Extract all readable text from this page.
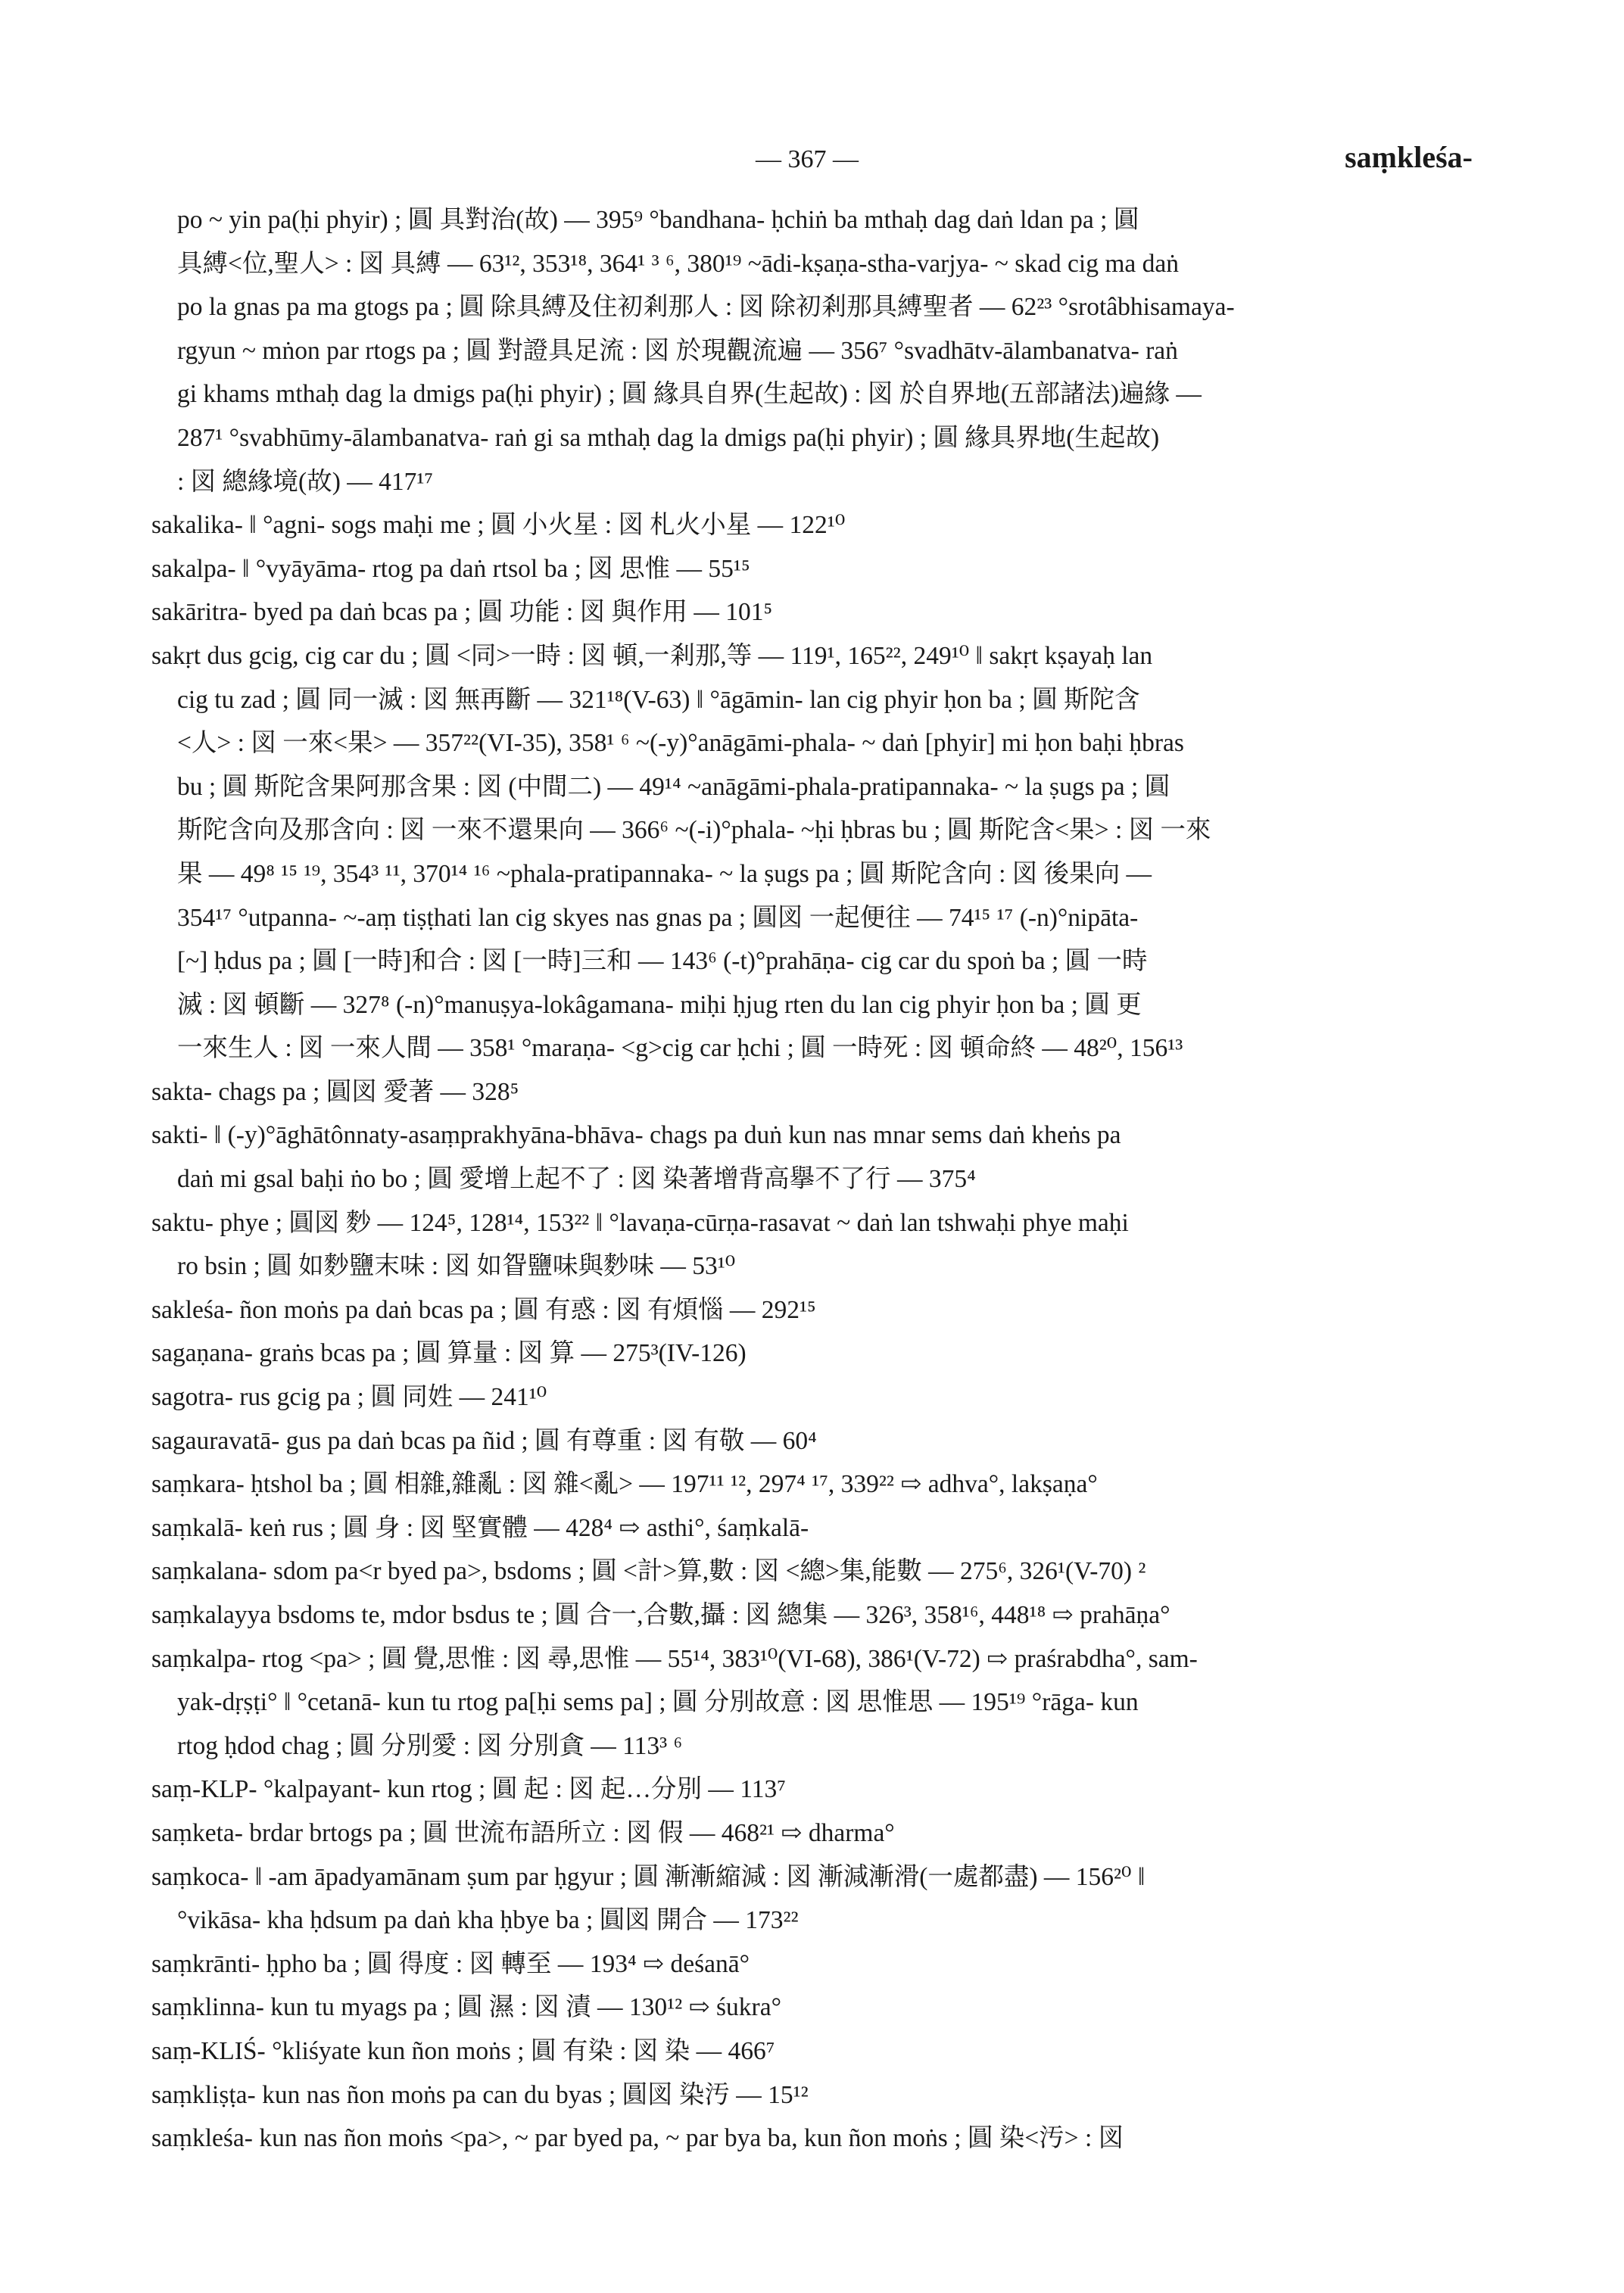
— 367 —	saṃkleśa-
po ~ yin pa(ḥi phyir) ; 圓 具對治(故) — 395⁹ °bandhana- ḥchiṅ ba mthaḥ dag daṅ ldan pa ; 圓
具縛<位,聖人> : 図 具縛 — 63¹², 353¹⁸, 364¹ ³ ⁶, 380¹⁹ ~ādi-kṣaṇa-stha-varjya- ~ skad cig ma daṅ
po la gnas pa ma gtogs pa ; 圓 除具縛及住初剎那人 : 図 除初剎那具縛聖者 — 62²³ °srotâbhisamaya-
rgyun ~ mṅon par rtogs pa ; 圓 對證具足流 : 図 於現觀流遍 — 356⁷ °svadhātv-ālambanatva- raṅ
gi khams mthaḥ dag la dmigs pa(ḥi phyir) ; 圓 緣具自界(生起故) : 図 於自界地(五部諸法)遍緣 —
287¹ °svabhūmy-ālambanatva- raṅ gi sa mthaḥ dag la dmigs pa(ḥi phyir) ; 圓 緣具界地(生起故)
: 図 總緣境(故) — 417¹⁷
sakalika- ‖ °agni- sogs maḥi me ; 圓 小火星 : 図 札火小星 — 122¹⁰
sakalpa- ‖ °vyāyāma- rtog pa daṅ rtsol ba ; 図 思惟 — 55¹⁵
sakāritra- byed pa daṅ bcas pa ; 圓 功能 : 図 與作用 — 101⁵
sakṛt dus gcig, cig car du ; 圓 <同>一時 : 図 頓,一剎那,等 — 119¹, 165²², 249¹⁰ ‖ sakṛt kṣayaḥ lan
cig tu zad ; 圓 同一滅 : 図 無再斷 — 321¹⁸(V-63) ‖ °āgāmin- lan cig phyir ḥon ba ; 圓 斯陀含
<人> : 図 一來<果> — 357²²(VI-35), 358¹ ⁶ ~(-y)°anāgāmi-phala- ~ daṅ [phyir] mi ḥon baḥi ḥbras
bu ; 圓 斯陀含果阿那含果 : 図 (中間二) — 49¹⁴ ~anāgāmi-phala-pratipannaka- ~ la ṣugs pa ; 圓
斯陀含向及那含向 : 図 一來不還果向 — 366⁶ ~(-i)°phala- ~ḥi ḥbras bu ; 圓 斯陀含<果> : 図 一來
果 — 49⁸ ¹⁵ ¹⁹, 354³ ¹¹, 370¹⁴ ¹⁶ ~phala-pratipannaka- ~ la ṣugs pa ; 圓 斯陀含向 : 図 後果向 —
354¹⁷ °utpanna- ~-aṃ tiṣṭhati lan cig skyes nas gnas pa ; 圓図 一起便往 — 74¹⁵ ¹⁷ (-n)°nipāta-
[~] ḥdus pa ; 圓 [一時]和合 : 図 [一時]三和 — 143⁶ (-t)°prahāṇa- cig car du spoṅ ba ; 圓 一時
滅 : 図 頓斷 — 327⁸ (-n)°manuṣya-lokâgamana- miḥi ḥjug rten du lan cig phyir ḥon ba ; 圓 更
一來生人 : 図 一來人間 — 358¹ °maraṇa- <g>cig car ḥchi ; 圓 一時死 : 図 頓命終 — 48²⁰, 156¹³
sakta- chags pa ; 圓図 愛著 — 328⁵
sakti- ‖ (-y)°āghātônnaty-asaṃprakhyāna-bhāva- chags pa duṅ kun nas mnar sems daṅ kheṅs pa
daṅ mi gsal baḥi ṅo bo ; 圓 愛增上起不了 : 図 染著增背高擧不了行 — 375⁴
saktu- phye ; 圓図 麨 — 124⁵, 128¹⁴, 153²² ‖ °lavaṇa-cūrṇa-rasavat ~ daṅ lan tshwaḥi phye maḥi
ro bsin ; 圓 如麨鹽末味 : 図 如眢鹽味與麨味 — 53¹⁰
sakleśa- ñon moṅs pa daṅ bcas pa ; 圓 有惑 : 図 有煩惱 — 292¹⁵
sagaṇana- graṅs bcas pa ; 圓 算量 : 図 算 — 275³(IV-126)
sagotra- rus gcig pa ; 圓 同姓 — 241¹⁰
sagauravatā- gus pa daṅ bcas pa ñid ; 圓 有尊重 : 図 有敬 — 60⁴
saṃkara- ḥtshol ba ; 圓 相雜,雜亂 : 図 雜<亂> — 197¹¹ ¹², 297⁴ ¹⁷, 339²² ⇨ adhva°, lakṣaṇa°
saṃkalā- keṅ rus ; 圓 身 : 図 堅實體 — 428⁴ ⇨ asthi°, śaṃkalā-
saṃkalana- sdom pa<r byed pa>, bsdoms ; 圓 <計>算,數 : 図 <總>集,能數 — 275⁶, 326¹(V-70) ²
saṃkalayya bsdoms te, mdor bsdus te ; 圓 合一,合數,攝 : 図 總集 — 326³, 358¹⁶, 448¹⁸ ⇨ prahāṇa°
saṃkalpa- rtog <pa> ; 圓 覺,思惟 : 図 尋,思惟 — 55¹⁴, 383¹⁰(VI-68), 386¹(V-72) ⇨ praśrabdha°, sam-
yak-dṛṣṭi° ‖ °cetanā- kun tu rtog pa[ḥi sems pa] ; 圓 分別故意 : 図 思惟思 — 195¹⁹ °rāga- kun
rtog ḥdod chag ; 圓 分別愛 : 図 分別貪 — 113³ ⁶
saṃ-KLP- °kalpayant- kun rtog ; 圓 起 : 図 起…分別 — 113⁷
saṃketa- brdar brtogs pa ; 圓 世流布語所立 : 図 假 — 468²¹ ⇨ dharma°
saṃkoca- ‖ -am āpadyamānam ṣum par ḥgyur ; 圓 漸漸縮減 : 図 漸減漸滑(一處都盡) — 156²⁰ ‖
°vikāsa- kha ḥdsum pa daṅ kha ḥbye ba ; 圓図 開合 — 173²²
saṃkrānti- ḥpho ba ; 圓 得度 : 図 轉至 — 193⁴ ⇨ deśanā°
saṃklinna- kun tu myags pa ; 圓 濕 : 図 漬 — 130¹² ⇨ śukra°
saṃ-KLIŚ- °kliśyate kun ñon moṅs ; 圓 有染 : 図 染 — 466⁷
saṃkliṣṭa- kun nas ñon moṅs pa can du byas ; 圓図 染汚 — 15¹²
saṃkleśa- kun nas ñon moṅs <pa>, ~ par byed pa, ~ par bya ba, kun ñon moṅs ; 圓 染<汚> : 図
